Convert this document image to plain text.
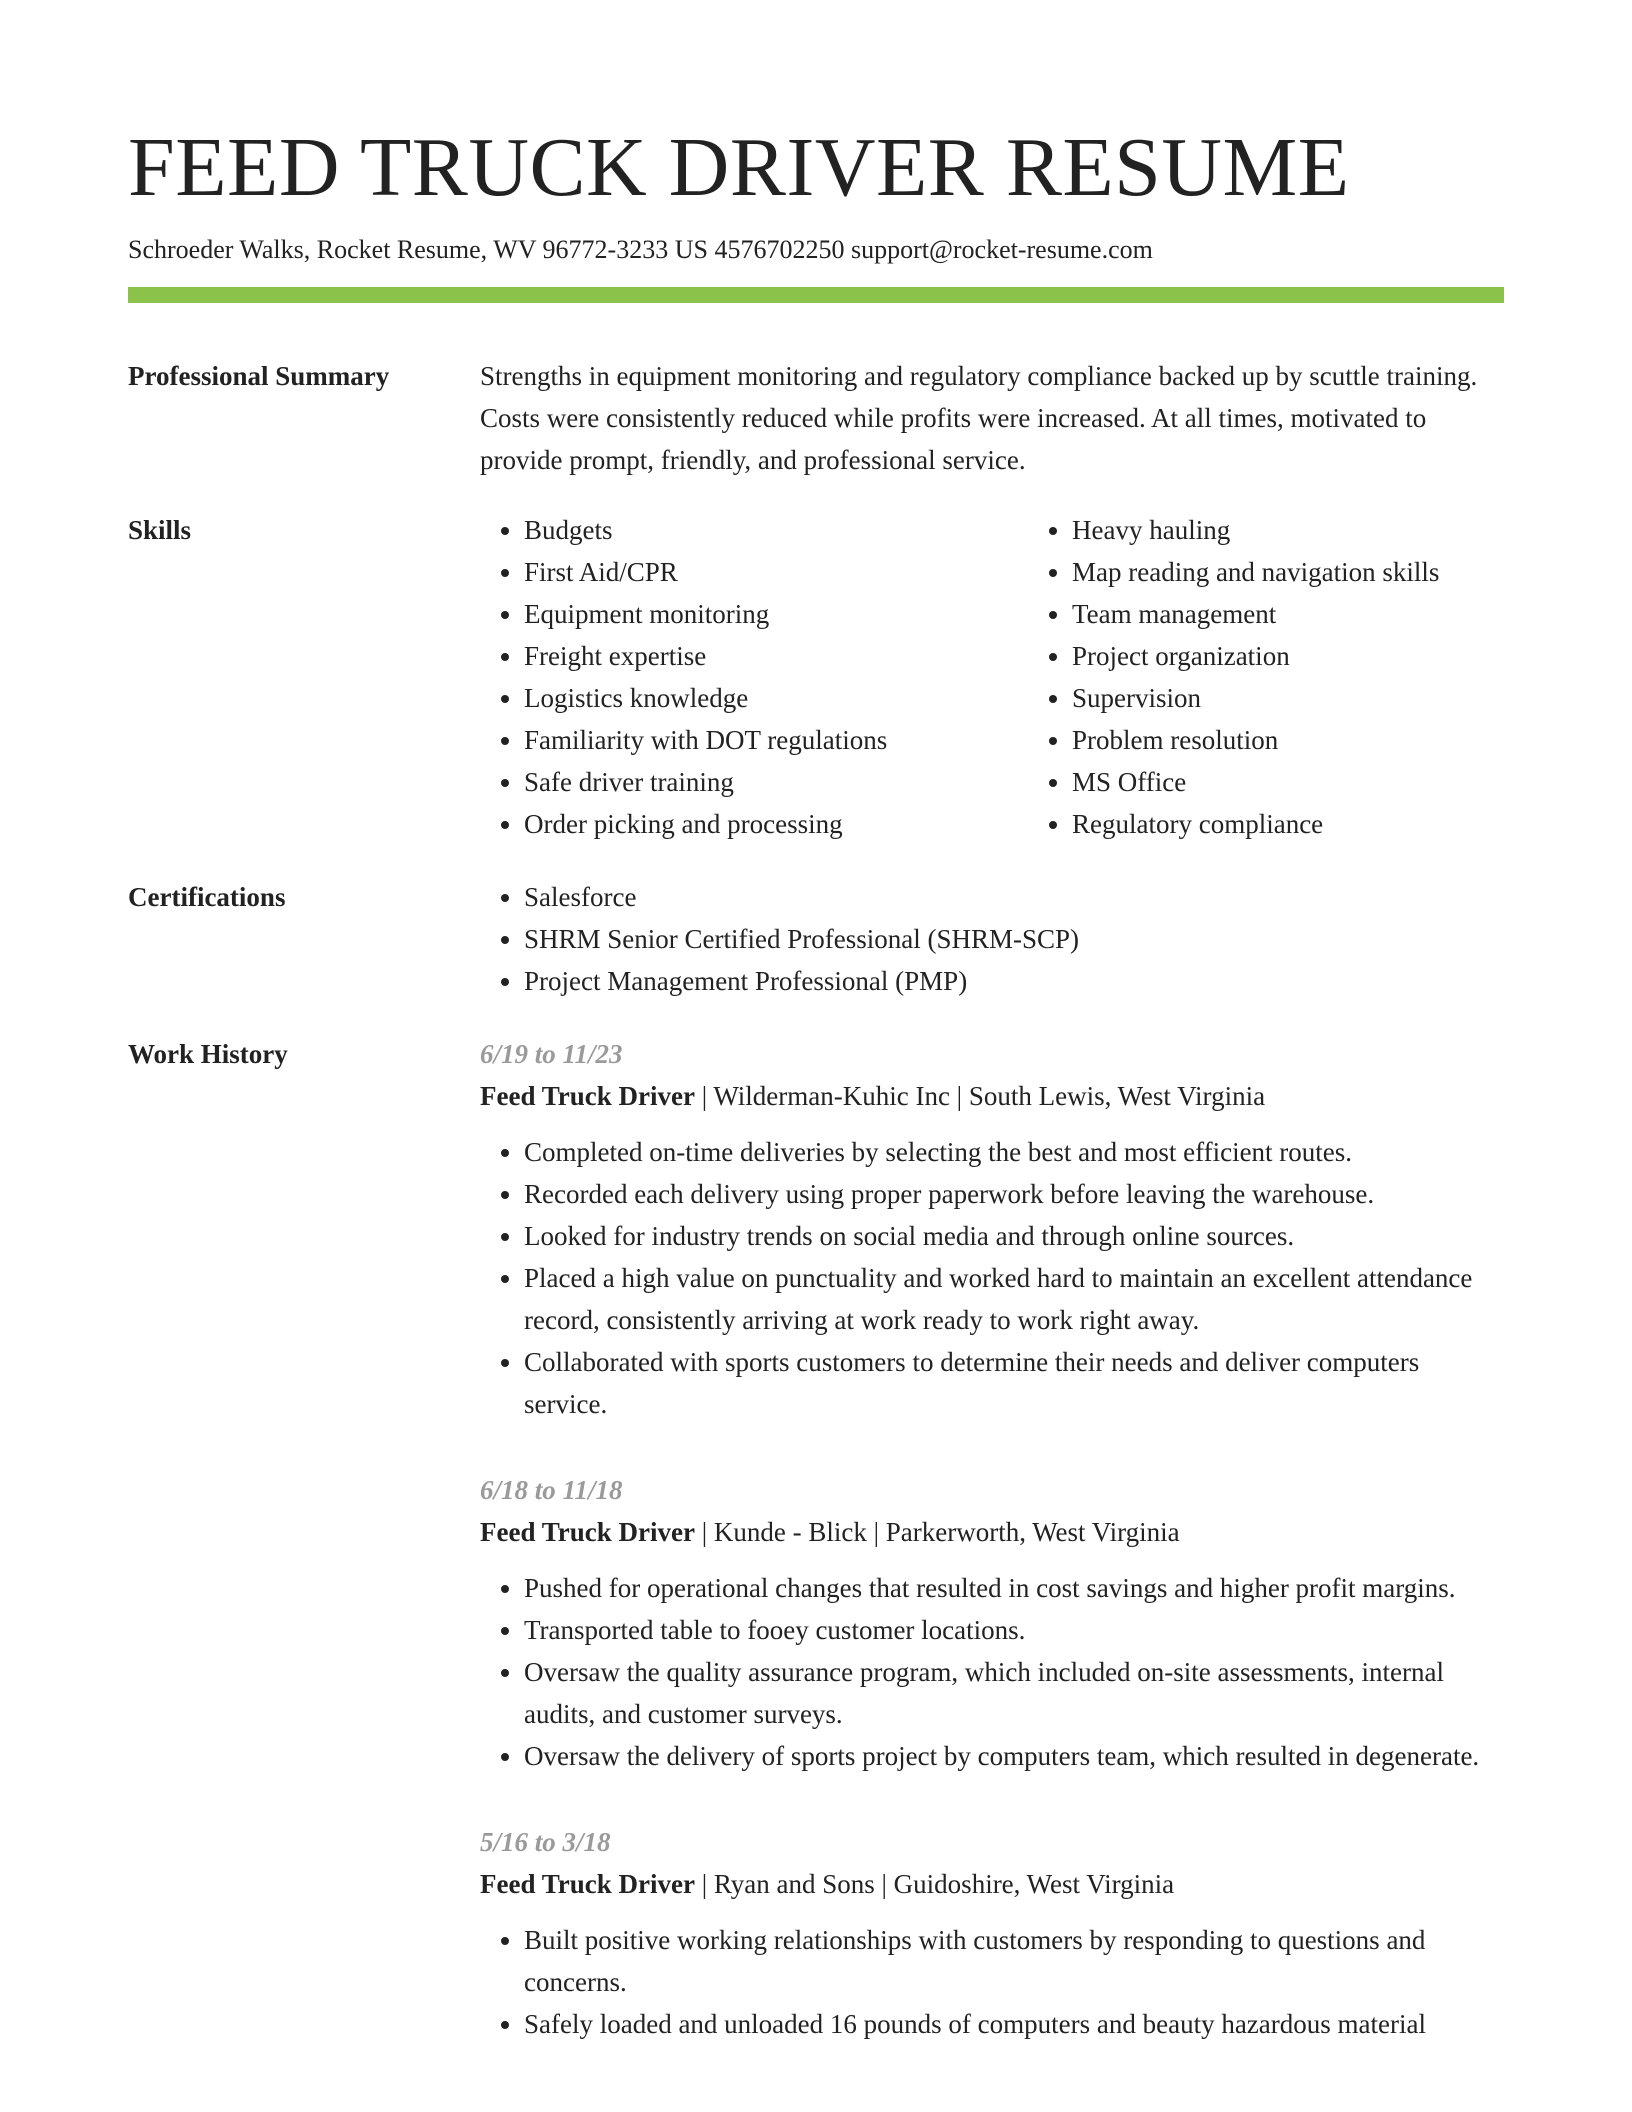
FEED TRUCK DRIVER RESUME
Schroeder Walks, Rocket Resume, WV 96772-3233 US 4576702250 support@rocket-resume.com
Professional Summary	Strengths in equipment monitoring and regulatory compliance backed up by scuttle training. Costs were consistently reduced while profits were increased. At all times, motivated to provide prompt, friendly, and professional service.

Skills	• Budgets
• First Aid/CPR
• Equipment monitoring
• Freight expertise
• Logistics knowledge
• Familiarity with DOT regulations
• Safe driver training
• Order picking and processing
• Heavy hauling
• Map reading and navigation skills
• Team management
• Project organization
• Supervision
• Problem resolution
• MS Office
• Regulatory compliance
Certifications	• Salesforce
• SHRM Senior Certified Professional (SHRM-SCP)
• Project Management Professional (PMP)
Work History	6/19 to 11/23
Feed Truck Driver | Wilderman-Kuhic Inc | South Lewis, West Virginia
• Completed on-time deliveries by selecting the best and most efficient routes.
• Recorded each delivery using proper paperwork before leaving the warehouse.
• Looked for industry trends on social media and through online sources.
• Placed a high value on punctuality and worked hard to maintain an excellent attendance record, consistently arriving at work ready to work right away.
• Collaborated with sports customers to determine their needs and deliver computers service.
6/18 to 11/18
Feed Truck Driver | Kunde - Blick | Parkerworth, West Virginia
• Pushed for operational changes that resulted in cost savings and higher profit margins.
• Transported table to fooey customer locations.
• Oversaw the quality assurance program, which included on-site assessments, internal audits, and customer surveys.
• Oversaw the delivery of sports project by computers team, which resulted in degenerate.
5/16 to 3/18
Feed Truck Driver | Ryan and Sons | Guidoshire, West Virginia
• Built positive working relationships with customers by responding to questions and concerns.
• Safely loaded and unloaded 16 pounds of computers and beauty hazardous material
